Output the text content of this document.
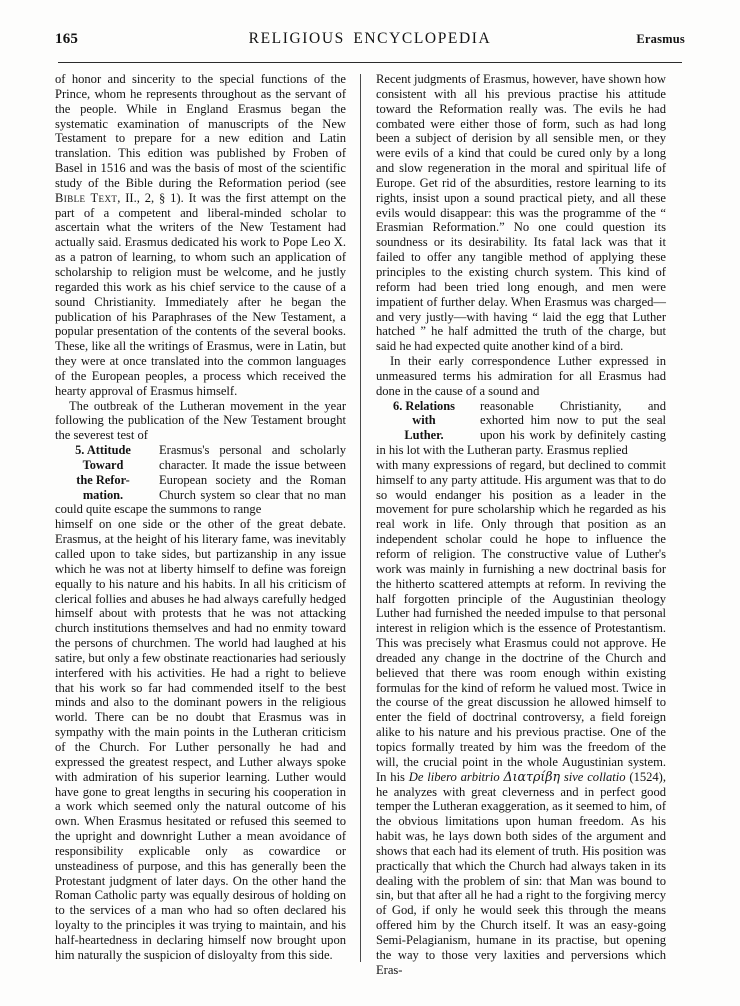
165	RELIGIOUS ENCYCLOPEDIA	Erasmus

of honor and sincerity to the special functions of the Prince, whom he represents throughout as the servant of the people. While in England Erasmus began the systematic examination of manuscripts of the New Testament to prepare for a new edition and Latin translation. This edition was published by Froben of Basel in 1516 and was the basis of most of the scientific study of the Bible during the Reformation period (see Bible Text, II., 2, § 1). It was the first attempt on the part of a competent and liberal-minded scholar to ascertain what the writers of the New Testament had actually said. Erasmus dedicated his work to Pope Leo X. as a patron of learning, to whom such an application of scholarship to religion must be welcome, and he justly regarded this work as his chief service to the cause of a sound Christianity. Immediately after he began the publication of his Paraphrases of the New Testament, a popular presentation of the contents of the several books. These, like all the writings of Erasmus, were in Latin, but they were at once translated into the common languages of the European peoples, a process which received the hearty approval of Erasmus himself.

The outbreak of the Lutheran movement in the year following the publication of the New Testament brought the severest test of

5. Attitude
Toward
the Refor-
mation.

Erasmus's personal and scholarly character. It made the issue between European society and the Roman Church system so clear that no man could quite escape the summons to range

himself on one side or the other of the great debate. Erasmus, at the height of his literary fame, was inevitably called upon to take sides, but partizanship in any issue which he was not at liberty himself to define was foreign equally to his nature and his habits. In all his criticism of clerical follies and abuses he had always carefully hedged himself about with protests that he was not attacking church institutions themselves and had no enmity toward the persons of churchmen. The world had laughed at his satire, but only a few obstinate reactionaries had seriously interfered with his activities. He had a right to believe that his work so far had commended itself to the best minds and also to the dominant powers in the religious world. There can be no doubt that Erasmus was in sympathy with the main points in the Lutheran criticism of the Church. For Luther personally he had and expressed the greatest respect, and Luther always spoke with admiration of his superior learning. Luther would have gone to great lengths in securing his cooperation in a work which seemed only the natural outcome of his own. When Erasmus hesitated or refused this seemed to the upright and downright Luther a mean avoidance of responsibility explicable only as cowardice or unsteadiness of purpose, and this has generally been the Protestant judgment of later days. On the other hand the Roman Catholic party was equally desirous of holding on to the services of a man who had so often declared his loyalty to the principles it was trying to maintain, and his half-heartedness in declaring himself now brought upon him naturally the suspicion of disloyalty from this side.

Recent judgments of Erasmus, however, have shown how consistent with all his previous practise his attitude toward the Reformation really was. The evils he had combated were either those of form, such as had long been a subject of derision by all sensible men, or they were evils of a kind that could be cured only by a long and slow regeneration in the moral and spiritual life of Europe. Get rid of the absurdities, restore learning to its rights, insist upon a sound practical piety, and all these evils would disappear: this was the programme of the “ Erasmian Reformation.” No one could question its soundness or its desirability. Its fatal lack was that it failed to offer any tangible method of applying these principles to the existing church system. This kind of reform had been tried long enough, and men were impatient of further delay. When Erasmus was charged—and very justly—with having “ laid the egg that Luther hatched ” he half admitted the truth of the charge, but said he had expected quite another kind of a bird.

In their early correspondence Luther expressed in unmeasured terms his admiration for all Erasmus had done in the cause of a sound and

6. Relations
with
Luther.

reasonable Christianity, and exhorted him now to put the seal upon his work by definitely casting in his lot with the Lutheran party. Erasmus replied

with many expressions of regard, but declined to commit himself to any party attitude. His argument was that to do so would endanger his position as a leader in the movement for pure scholarship which he regarded as his real work in life. Only through that position as an independent scholar could he hope to influence the reform of religion. The constructive value of Luther's work was mainly in furnishing a new doctrinal basis for the hitherto scattered attempts at reform. In reviving the half forgotten principle of the Augustinian theology Luther had furnished the needed impulse to that personal interest in religion which is the essence of Protestantism. This was precisely what Erasmus could not approve. He dreaded any change in the doctrine of the Church and believed that there was room enough within existing formulas for the kind of reform he valued most. Twice in the course of the great discussion he allowed himself to enter the field of doctrinal controversy, a field foreign alike to his nature and his previous practise. One of the topics formally treated by him was the freedom of the will, the crucial point in the whole Augustinian system. In his De libero arbitrio Διατρίβη sive collatio (1524), he analyzes with great cleverness and in perfect good temper the Lutheran exaggeration, as it seemed to him, of the obvious limitations upon human freedom. As his habit was, he lays down both sides of the argument and shows that each had its element of truth. His position was practically that which the Church had always taken in its dealing with the problem of sin: that Man was bound to sin, but that after all he had a right to the forgiving mercy of God, if only he would seek this through the means offered him by the Church itself. It was an easy-going Semi-Pelagianism, humane in its practise, but opening the way to those very laxities and perversions which Eras-
